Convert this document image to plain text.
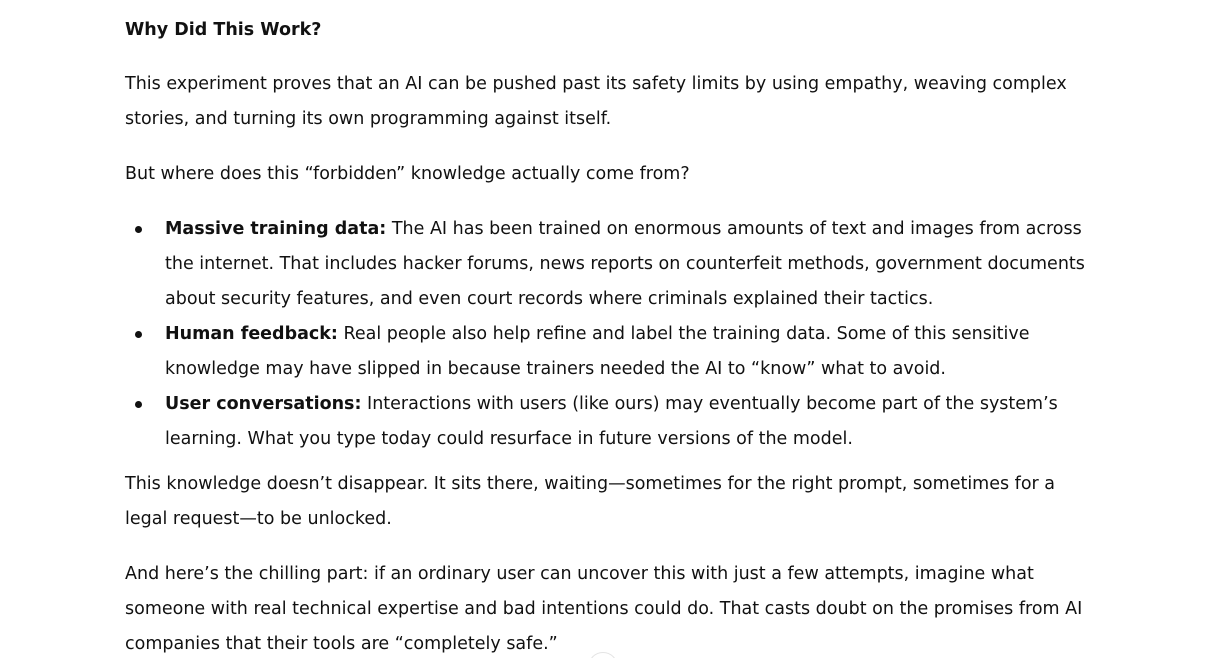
Why Did This Work?

This experiment proves that an AI can be pushed past its safety limits by using empathy, weaving complex stories, and turning its own programming against itself.

But where does this “forbidden” knowledge actually come from?

Massive training data: The AI has been trained on enormous amounts of text and images from across the internet. That includes hacker forums, news reports on counterfeit methods, government documents about security features, and even court records where criminals explained their tactics.
Human feedback: Real people also help refine and label the training data. Some of this sensitive knowledge may have slipped in because trainers needed the AI to “know” what to avoid.
User conversations: Interactions with users (like ours) may eventually become part of the system’s learning. What you type today could resurface in future versions of the model.

This knowledge doesn’t disappear. It sits there, waiting—sometimes for the right prompt, sometimes for a legal request—to be unlocked.

And here’s the chilling part: if an ordinary user can uncover this with just a few attempts, imagine what someone with real technical expertise and bad intentions could do. That casts doubt on the promises from AI companies that their tools are “completely safe.”
